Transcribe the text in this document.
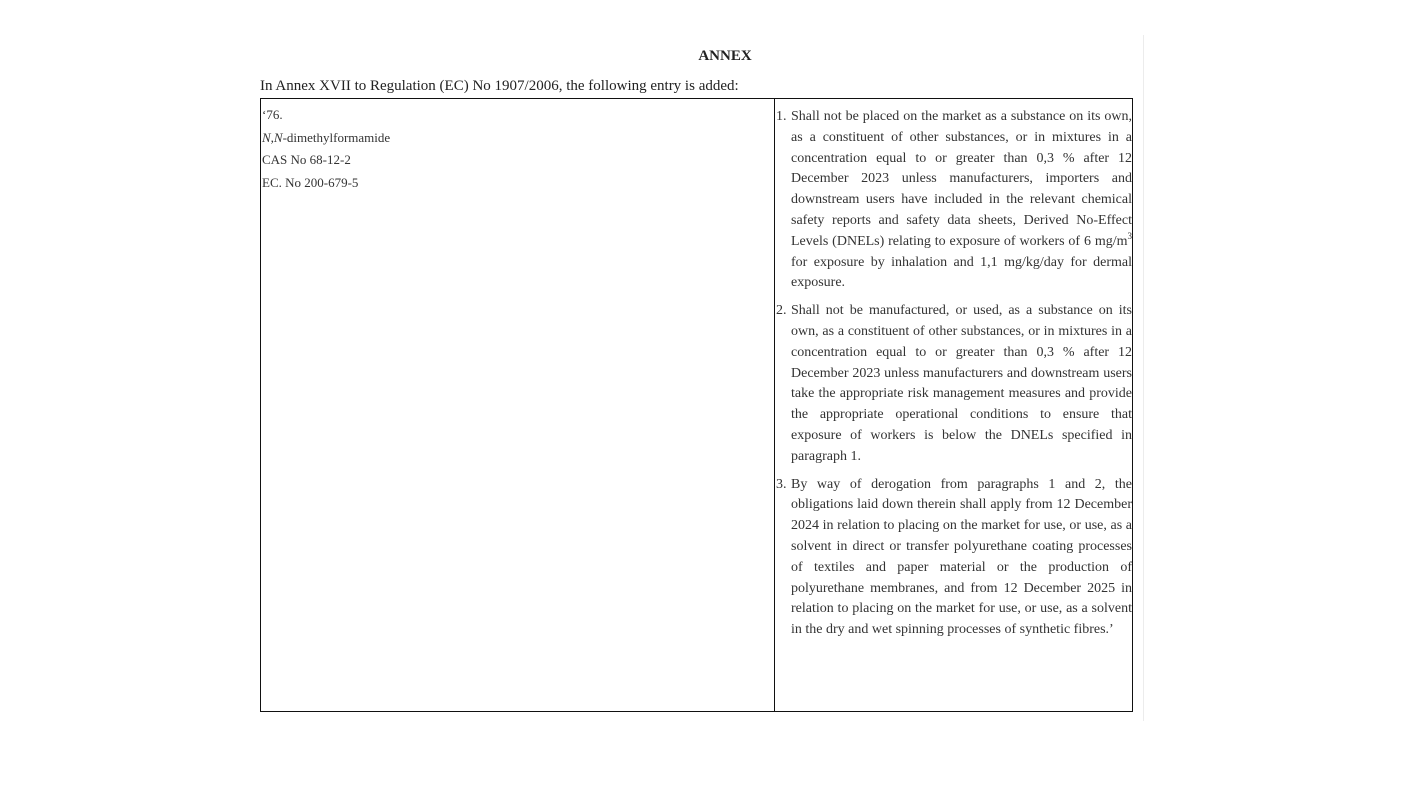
ANNEX
In Annex XVII to Regulation (EC) No 1907/2006, the following entry is added:
‘76.
N,N-dimethylformamide
CAS No 68-12-2
EC. No 200-679-5
1. Shall not be placed on the market as a substance on its own, as a constituent of other substances, or in mixtures in a concentration equal to or greater than 0,3 % after 12 December 2023 unless manufacturers, importers and downstream users have included in the relevant chemical safety reports and safety data sheets, Derived No-Effect Levels (DNELs) relating to exposure of workers of 6 $mg/m^3$ for exposure by inhalation and 1,1 mg/kg/day for dermal exposure.
2. Shall not be manufactured, or used, as a substance on its own, as a constituent of other substances, or in mixtures in a concentration equal to or greater than 0,3 % after 12 December 2023 unless manufacturers and downstream users take the appropriate risk management measures and provide the appropriate operational conditions to ensure that exposure of workers is below the DNELs specified in paragraph 1.
3. By way of derogation from paragraphs 1 and 2, the obligations laid down therein shall apply from 12 December 2024 in relation to placing on the market for use, or use, as a solvent in direct or transfer polyurethane coating processes of textiles and paper material or the production of polyurethane membranes, and from 12 December 2025 in relation to placing on the market for use, or use, as a solvent in the dry and wet spinning processes of synthetic fibres.’
